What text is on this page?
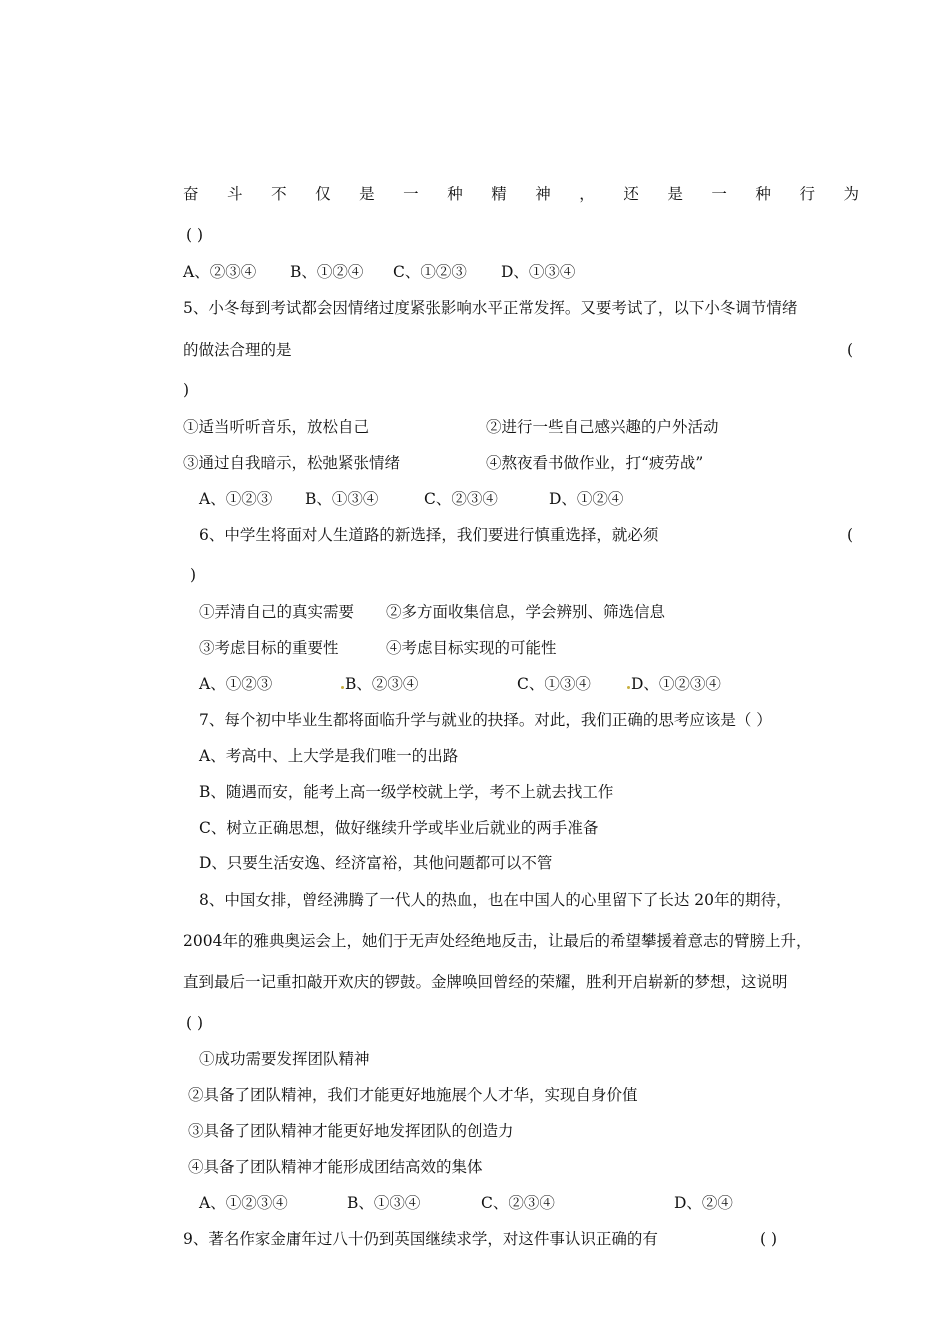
奋 斗 不 仅 是 一 种 精 神 ， 还 是 一 种 行 为
( )
A、②③④ B、①②④ C、①②③ D、①③④
5、小冬每到考试都会因情绪过度紧张影响水平正常发挥。又要考试了，以下小冬调节情绪
的做法合理的是	(
)
①适当听听音乐，放松自己	②进行一些自己感兴趣的户外活动
③通过自我暗示，松弛紧张情绪	④熬夜看书做作业，打“疲劳战”
A、①②③ B、①③④	C、②③④	D、①②④
6、中学生将面对人生道路的新选择，我们要进行慎重选择，就必须	(
)
①弄清自己的真实需要 ②多方面收集信息，学会辨别、筛选信息
③考虑目标的重要性	④考虑目标实现的可能性
A、①②③	B、②③④	C、①③④	D、①②③④
7、每个初中毕业生都将面临升学与就业的抉择。对此，我们正确的思考应该是（ ）
A、考高中、上大学是我们唯一的出路
B、随遇而安，能考上高一级学校就上学，考不上就去找工作
C、树立正确思想，做好继续升学或毕业后就业的两手准备
D、只要生活安逸、经济富裕，其他问题都可以不管
8、中国女排，曾经沸腾了一代人的热血，也在中国人的心里留下了长达 20年的期待，
2004年的雅典奥运会上，她们于无声处经绝地反击，让最后的希望攀援着意志的臂膀上升，
直到最后一记重扣敲开欢庆的锣鼓。金牌唤回曾经的荣耀，胜利开启崭新的梦想，这说明
( )
①成功需要发挥团队精神
②具备了团队精神，我们才能更好地施展个人才华，实现自身价值
③具备了团队精神才能更好地发挥团队的创造力
④具备了团队精神才能形成团结高效的集体
A、①②③④	B、①③④	C、②③④	D、②④
9、著名作家金庸年过八十仍到英国继续求学，对这件事认识正确的有	( )
